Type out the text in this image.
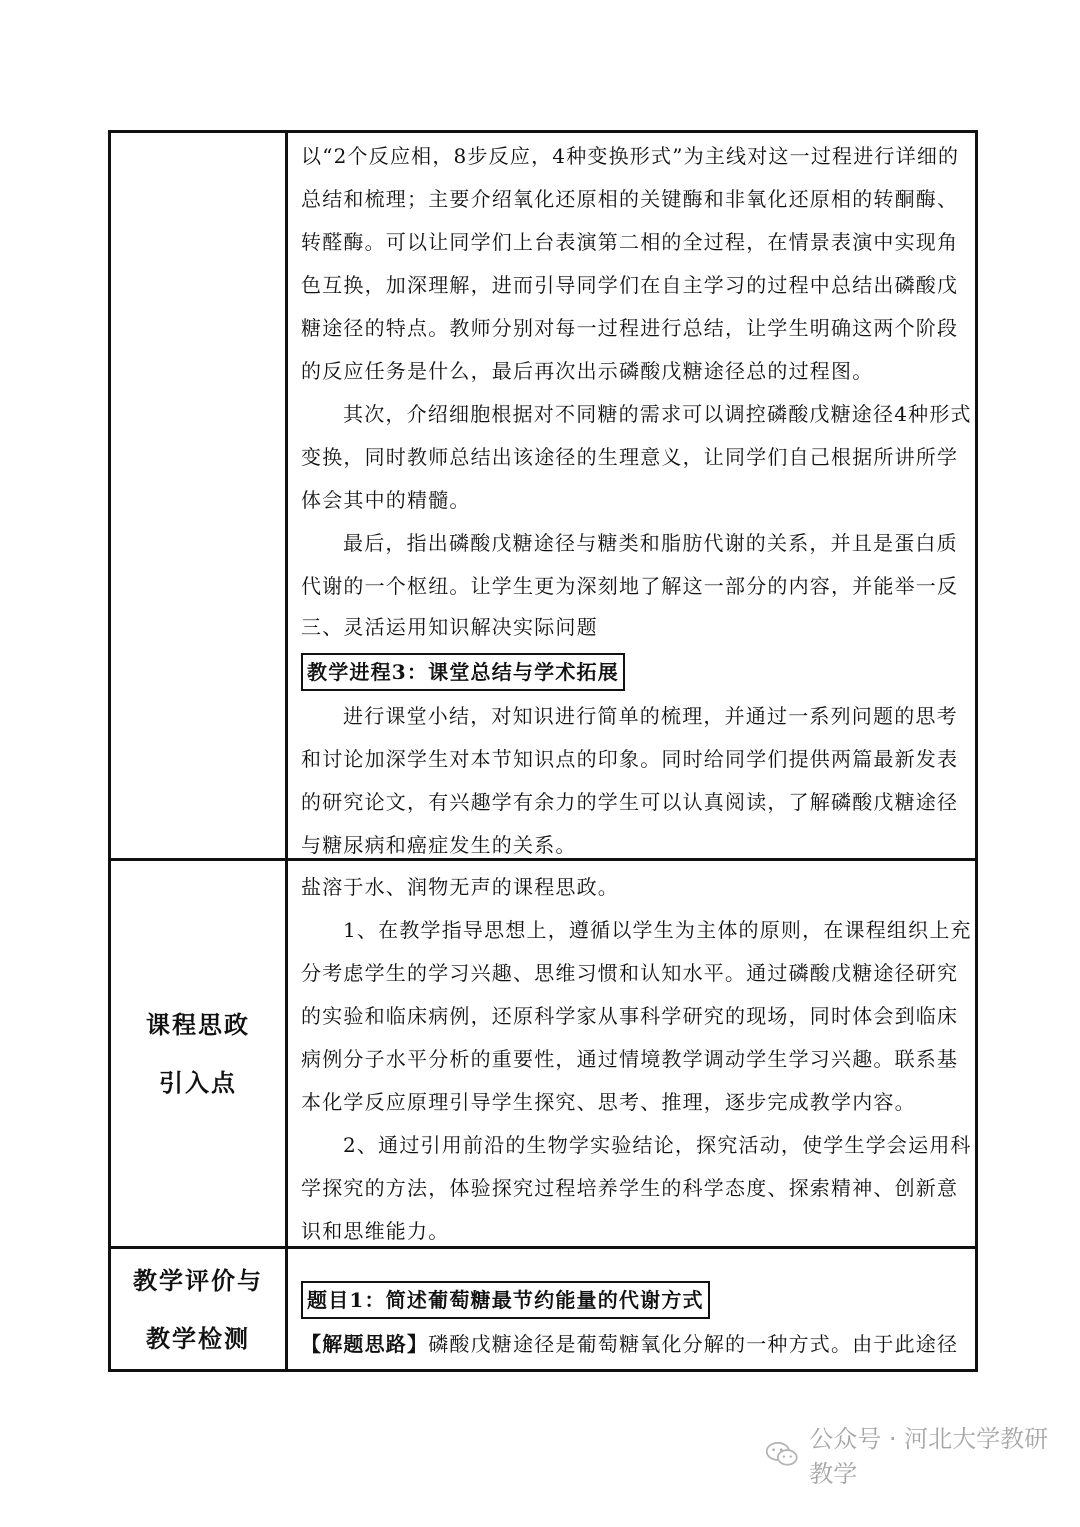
以“2个反应相，8步反应，4种变换形式”为主线对这一过程进行详细的总结和梳理；主要介绍氧化还原相的关键酶和非氧化还原相的转酮酶、转醛酶。可以让同学们上台表演第二相的全过程，在情景表演中实现角色互换，加深理解，进而引导同学们在自主学习的过程中总结出磷酸戊糖途径的特点。教师分别对每一过程进行总结，让学生明确这两个阶段的反应任务是什么，最后再次出示磷酸戊糖途径总的过程图。

其次，介绍细胞根据对不同糖的需求可以调控磷酸戊糖途径4种形式变换，同时教师总结出该途径的生理意义，让同学们自己根据所讲所学体会其中的精髓。

最后，指出磷酸戊糖途径与糖类和脂肪代谢的关系，并且是蛋白质代谢的一个枢纽。让学生更为深刻地了解这一部分的内容，并能举一反

三、灵活运用知识解决实际问题

教学进程3：课堂总结与学术拓展

进行课堂小结，对知识进行简单的梳理，并通过一系列问题的思考和讨论加深学生对本节知识点的印象。同时给同学们提供两篇最新发表的研究论文，有兴趣学有余力的学生可以认真阅读，了解磷酸戊糖途径与糖尿病和癌症发生的关系。

课程思政
引入点

盐溶于水、润物无声的课程思政。

1、在教学指导思想上，遵循以学生为主体的原则，在课程组织上充分考虑学生的学习兴趣、思维习惯和认知水平。通过磷酸戊糖途径研究的实验和临床病例，还原科学家从事科学研究的现场，同时体会到临床病例分子水平分析的重要性，通过情境教学调动学生学习兴趣。联系基本化学反应原理引导学生探究、思考、推理，逐步完成教学内容。

2、通过引用前沿的生物学实验结论，探究活动，使学生学会运用科学探究的方法，体验探究过程培养学生的科学态度、探索精神、创新意识和思维能力。

教学评价与
教学检测
题目1：简述葡萄糖最节约能量的代谢方式

【解题思路】磷酸戊糖途径是葡萄糖氧化分解的一种方式。由于此途径

公众号 · 河北大学教研教学
